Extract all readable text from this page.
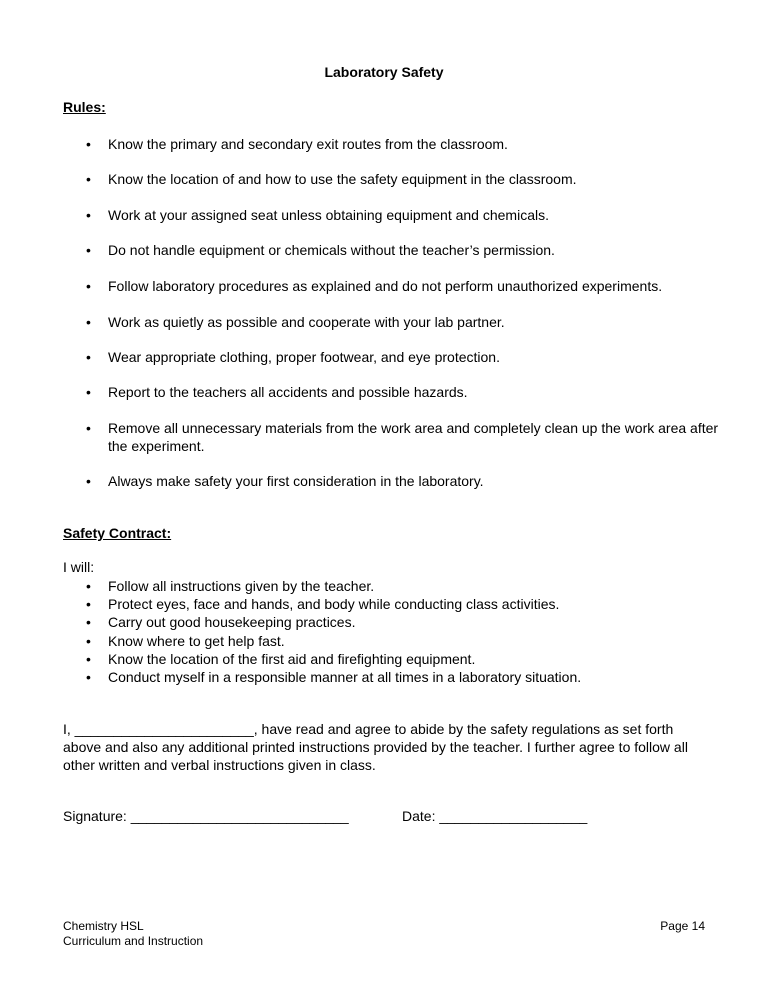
Laboratory Safety
Rules:
•	Know the primary and secondary exit routes from the classroom.
•	Know the location of and how to use the safety equipment in the classroom.
•	Work at your assigned seat unless obtaining equipment and chemicals.
•	Do not handle equipment or chemicals without the teacher’s permission.
•	Follow laboratory procedures as explained and do not perform unauthorized experiments.
•	Work as quietly as possible and cooperate with your lab partner.
•	Wear appropriate clothing, proper footwear, and eye protection.
•	Report to the teachers all accidents and possible hazards.
•	Remove all unnecessary materials from the work area and completely clean up the work area after the experiment.
•	Always make safety your first consideration in the laboratory.
Safety Contract:
I will:
•	Follow all instructions given by the teacher.
•	Protect eyes, face and hands, and body while conducting class activities.
•	Carry out good housekeeping practices.
•	Know where to get help fast.
•	Know the location of the first aid and firefighting equipment.
•	Conduct myself in a responsible manner at all times in a laboratory situation.
I, _______________________, have read and agree to abide by the safety regulations as set forth above and also any additional printed instructions provided by the teacher. I further agree to follow all other written and verbal instructions given in class.
Signature: ____________________________	Date: ___________________
Chemistry HSL
Curriculum and Instruction
Page 14
